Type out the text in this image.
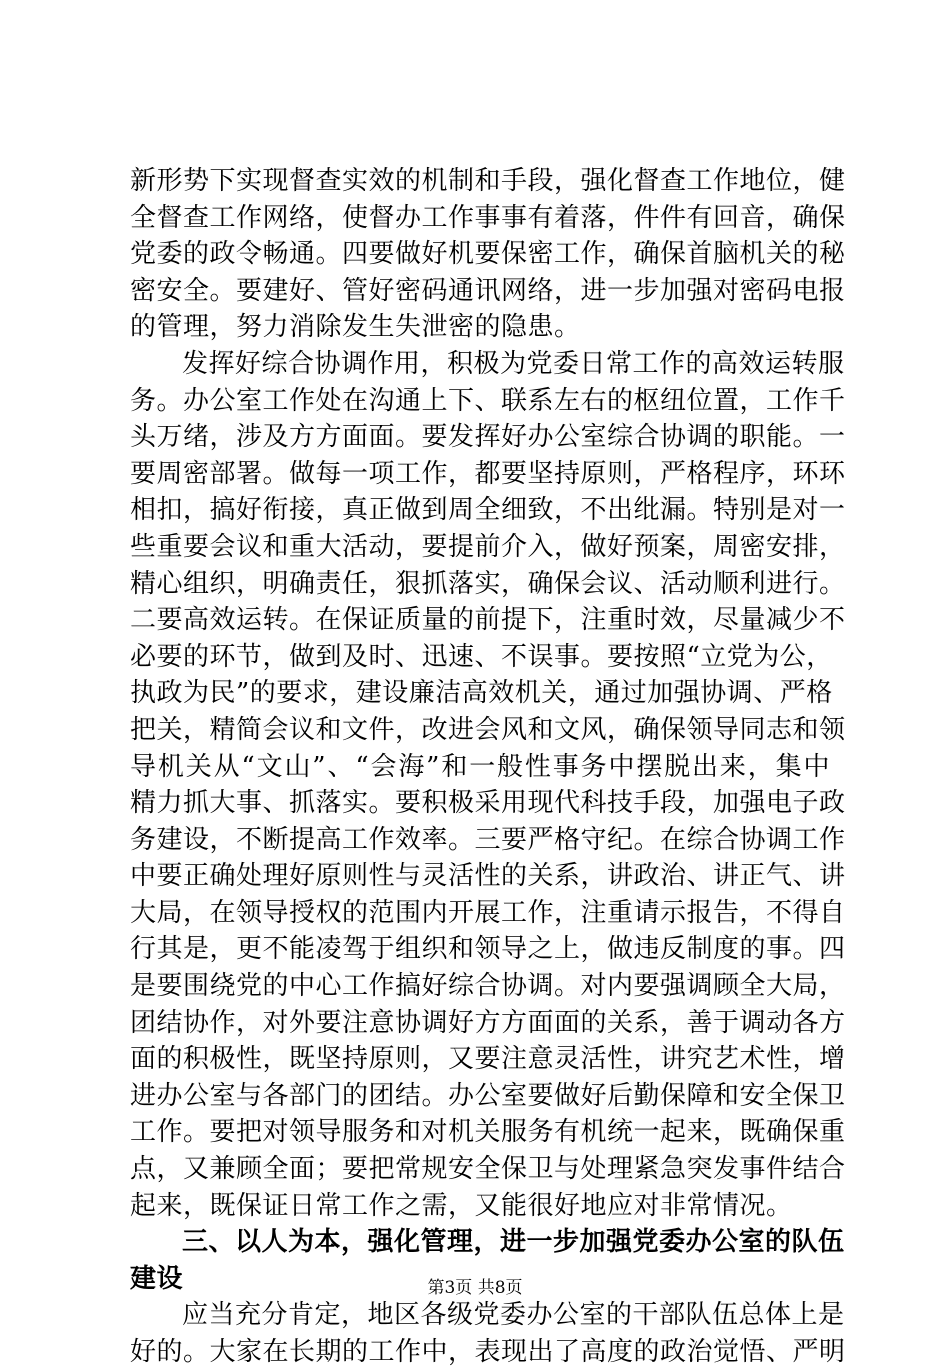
新形势下实现督查实效的机制和手段，强化督查工作地位，健
全督查工作网络，使督办工作事事有着落，件件有回音，确保
党委的政令畅通。四要做好机要保密工作，确保首脑机关的秘
密安全。要建好、管好密码通讯网络，进一步加强对密码电报
的管理，努力消除发生失泄密的隐患。
发挥好综合协调作用，积极为党委日常工作的高效运转服
务。办公室工作处在沟通上下、联系左右的枢纽位置，工作千
头万绪，涉及方方面面。要发挥好办公室综合协调的职能。一
要周密部署。做每一项工作，都要坚持原则，严格程序，环环
相扣，搞好衔接，真正做到周全细致，不出纰漏。特别是对一
些重要会议和重大活动，要提前介入，做好预案，周密安排，
精心组织，明确责任，狠抓落实，确保会议、活动顺利进行。
二要高效运转。在保证质量的前提下，注重时效，尽量减少不
必要的环节，做到及时、迅速、不误事。要按照“立党为公，
执政为民”的要求，建设廉洁高效机关，通过加强协调、严格
把关，精简会议和文件，改进会风和文风，确保领导同志和领
导机关从“文山”、“会海”和一般性事务中摆脱出来，集中
精力抓大事、抓落实。要积极采用现代科技手段，加强电子政
务建设，不断提高工作效率。三要严格守纪。在综合协调工作
中要正确处理好原则性与灵活性的关系，讲政治、讲正气、讲
大局，在领导授权的范围内开展工作，注重请示报告，不得自
行其是，更不能凌驾于组织和领导之上，做违反制度的事。四
是要围绕党的中心工作搞好综合协调。对内要强调顾全大局，
团结协作，对外要注意协调好方方面面的关系，善于调动各方
面的积极性，既坚持原则，又要注意灵活性，讲究艺术性，增
进办公室与各部门的团结。办公室要做好后勤保障和安全保卫
工作。要把对领导服务和对机关服务有机统一起来，既确保重
点，又兼顾全面；要把常规安全保卫与处理紧急突发事件结合
起来，既保证日常工作之需，又能很好地应对非常情况。
三、以人为本，强化管理，进一步加强党委办公室的队伍
建设
应当充分肯定，地区各级党委办公室的干部队伍总体上是
好的。大家在长期的工作中，表现出了高度的政治觉悟、严明
第3页 共8页
